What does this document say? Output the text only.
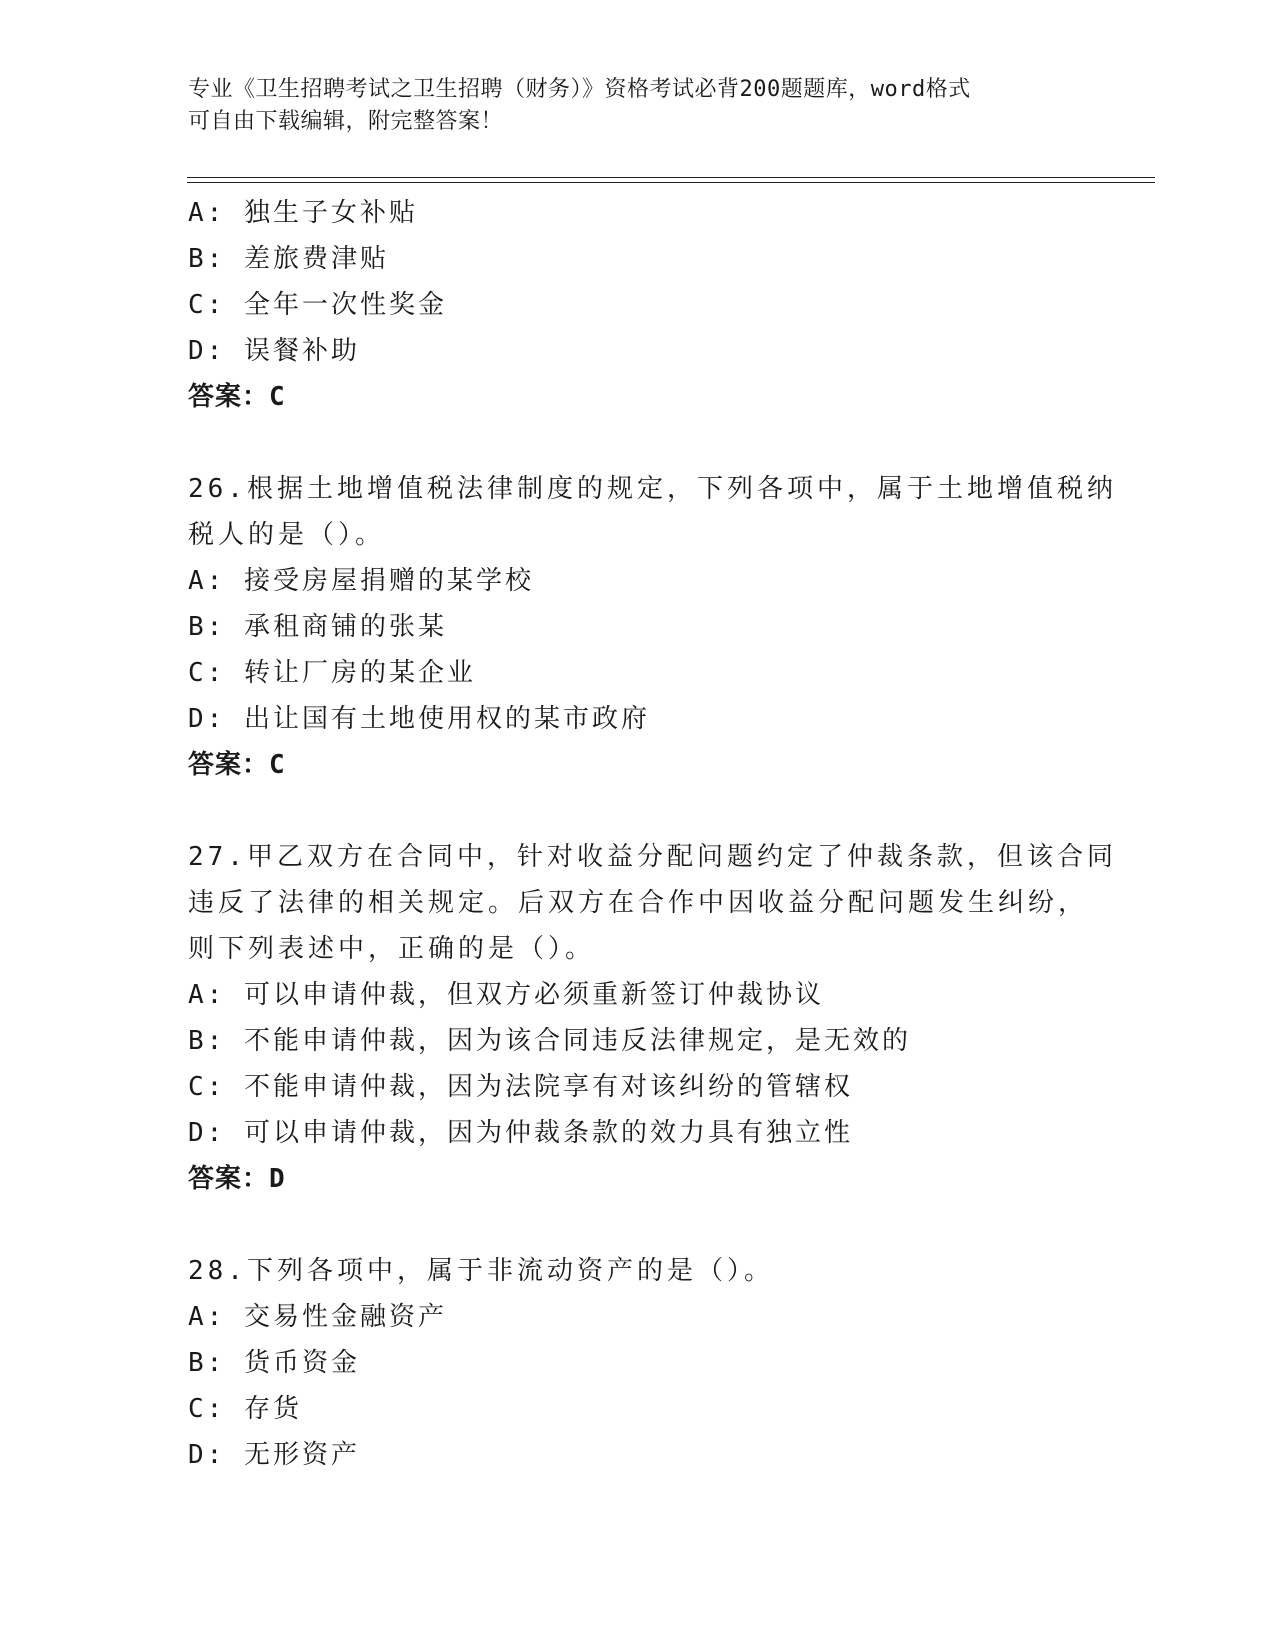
专业《卫生招聘考试之卫生招聘（财务）》资格考试必背200题题库，word格式
可自由下载编辑，附完整答案！
A: 独生子女补贴
B: 差旅费津贴
C: 全年一次性奖金
D: 误餐补助
答案：C
26.根据土地增值税法律制度的规定，下列各项中，属于土地增值税纳
税人的是（）。
A: 接受房屋捐赠的某学校
B: 承租商铺的张某
C: 转让厂房的某企业
D: 出让国有土地使用权的某市政府
答案：C
27.甲乙双方在合同中，针对收益分配问题约定了仲裁条款，但该合同
违反了法律的相关规定。后双方在合作中因收益分配问题发生纠纷，
则下列表述中，正确的是（）。
A: 可以申请仲裁，但双方必须重新签订仲裁协议
B: 不能申请仲裁，因为该合同违反法律规定，是无效的
C: 不能申请仲裁，因为法院享有对该纠纷的管辖权
D: 可以申请仲裁，因为仲裁条款的效力具有独立性
答案：D
28.下列各项中，属于非流动资产的是（）。
A: 交易性金融资产
B: 货币资金
C: 存货
D: 无形资产
